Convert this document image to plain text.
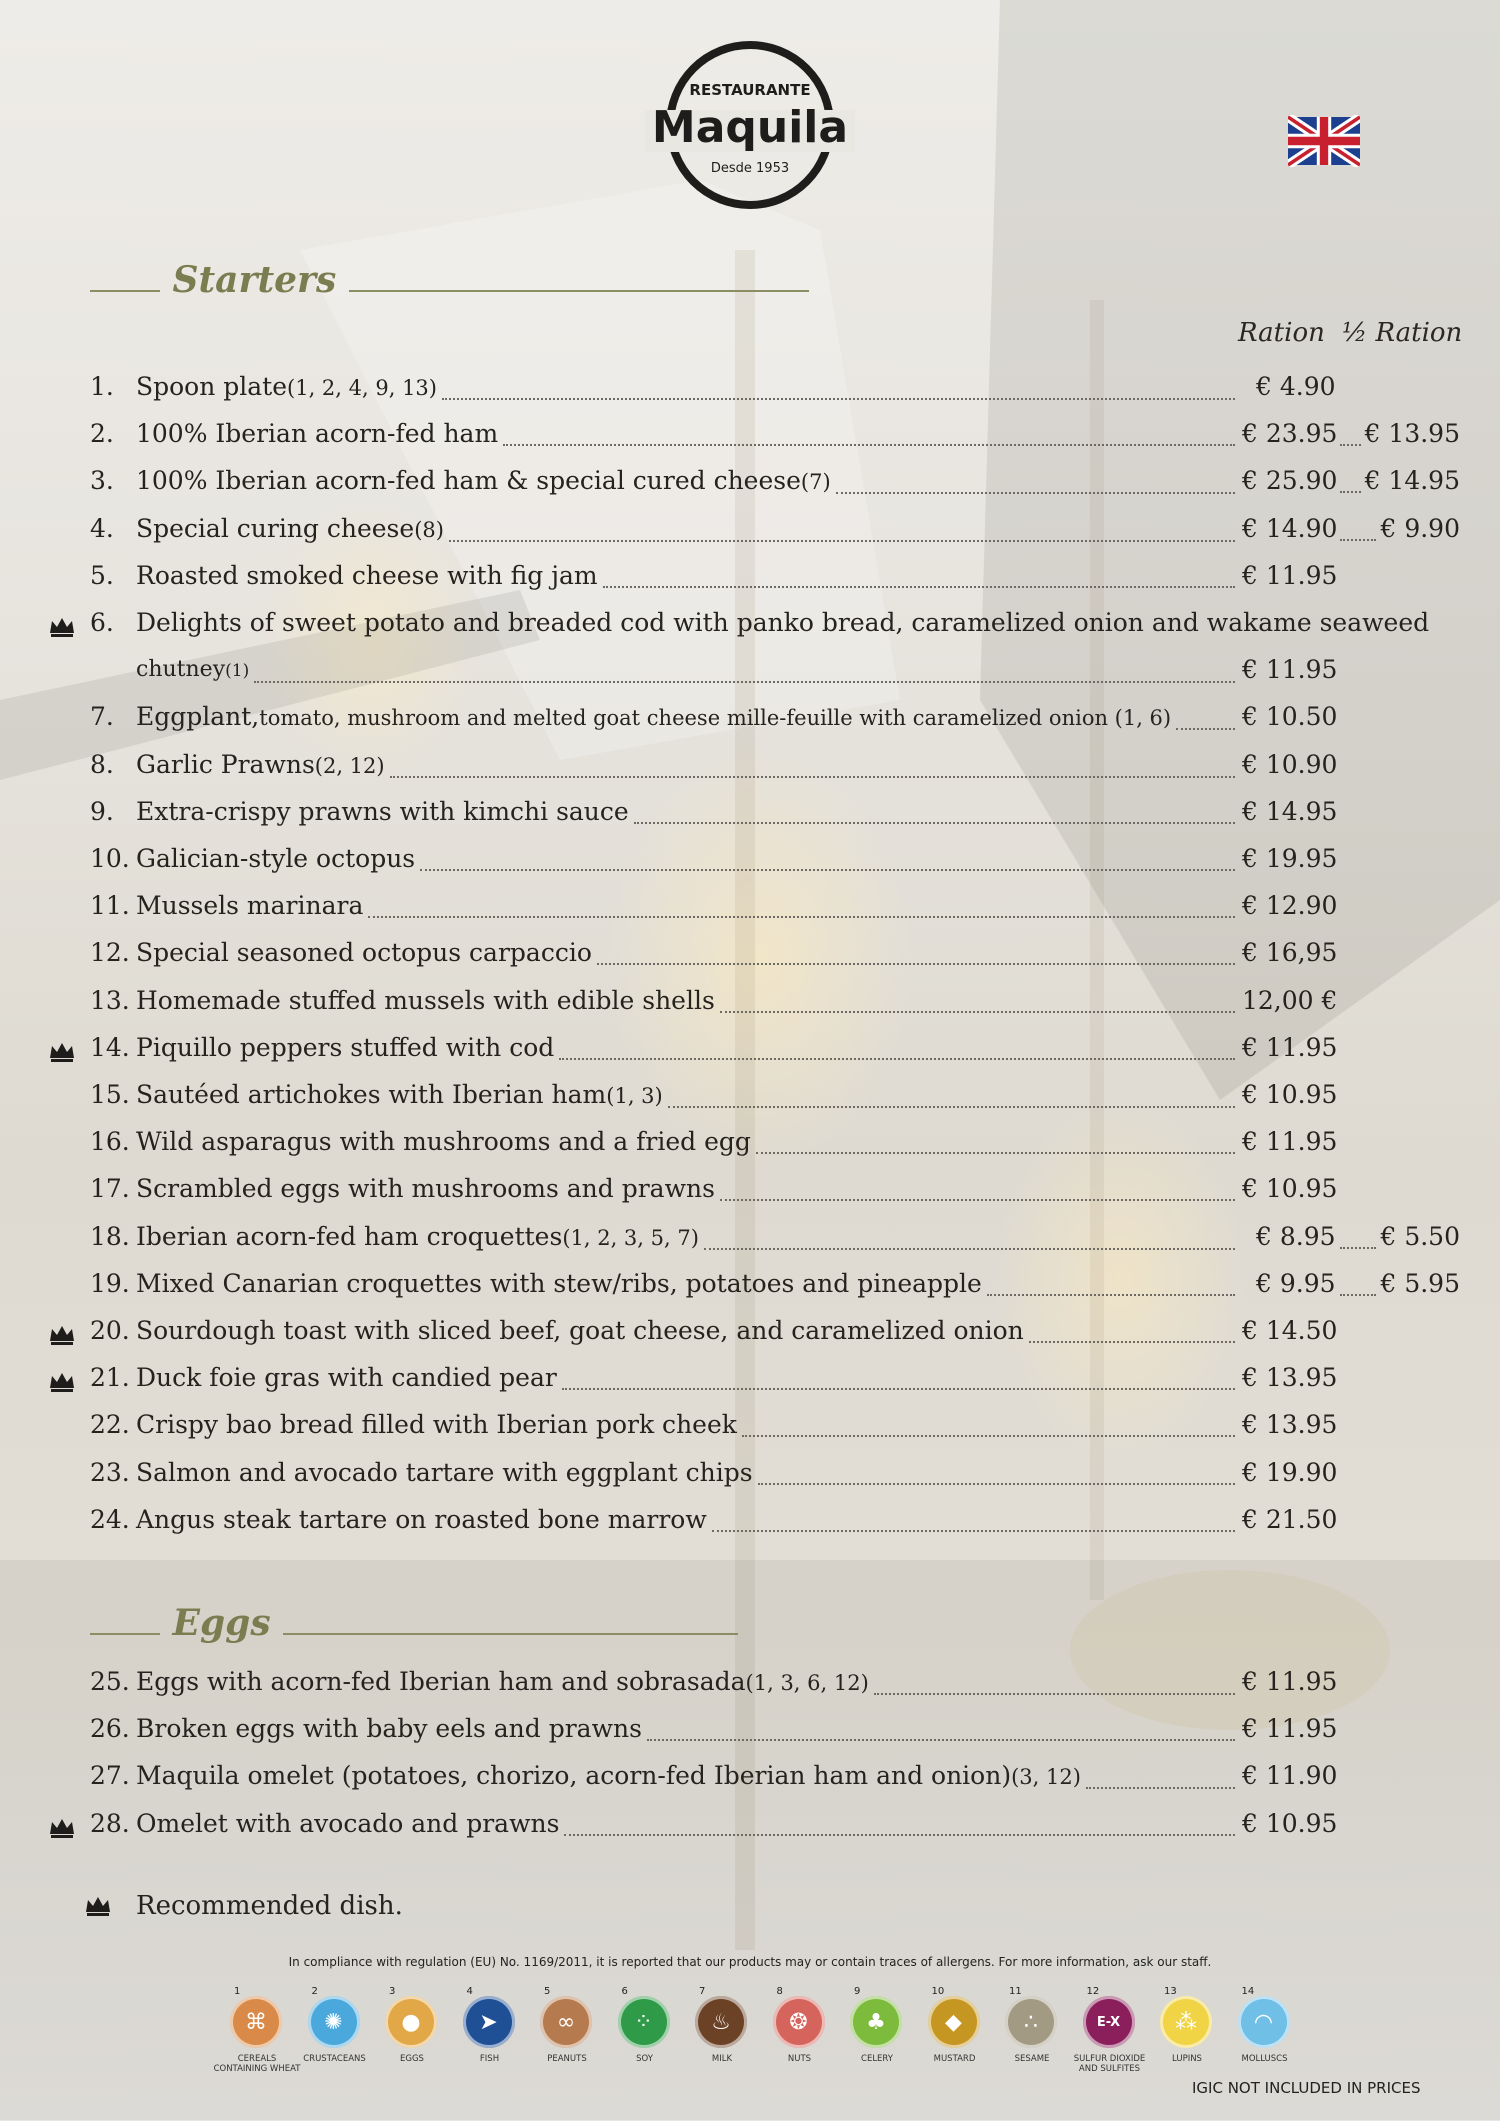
RESTAURANTE
Maquila
Desde 1953
Starters
Ration ½ Ration
1. Spoon plate (1, 2, 4, 9, 13)	€ 4.90
2. 100% Iberian acorn-fed ham	€ 23.95 € 13.95
3. 100% Iberian acorn-fed ham & special cured cheese (7)	€ 25.90 € 14.95
4. Special curing cheese (8)	€ 14.90 € 9.90
5. Roasted smoked cheese with fig jam	€ 11.95
6. Delights of sweet potato and breaded cod with panko bread, caramelized onion and wakame seaweed
chutney (1)	€ 11.95
7. Eggplant, tomato, mushroom and melted goat cheese mille-feuille with caramelized onion (1, 6)	€ 10.50
8. Garlic Prawns (2, 12)	€ 10.90
9. Extra-crispy prawns with kimchi sauce	€ 14.95
10. Galician-style octopus	€ 19.95
11. Mussels marinara	€ 12.90
12. Special seasoned octopus carpaccio	€ 16,95
13. Homemade stuffed mussels with edible shells	12,00 €
14. Piquillo peppers stuffed with cod	€ 11.95
15. Sautéed artichokes with Iberian ham (1, 3)	€ 10.95
16. Wild asparagus with mushrooms and a fried egg	€ 11.95
17. Scrambled eggs with mushrooms and prawns	€ 10.95
18. Iberian acorn-fed ham croquettes (1, 2, 3, 5, 7)	€ 8.95 € 5.50
19. Mixed Canarian croquettes with stew/ribs, potatoes and pineapple	€ 9.95 € 5.95
20. Sourdough toast with sliced beef, goat cheese, and caramelized onion	€ 14.50
21. Duck foie gras with candied pear	€ 13.95
22. Crispy bao bread filled with Iberian pork cheek	€ 13.95
23. Salmon and avocado tartare with eggplant chips	€ 19.90
24. Angus steak tartare on roasted bone marrow	€ 21.50
Eggs
25. Eggs with acorn-fed Iberian ham and sobrasada (1, 3, 6, 12)	€ 11.95
26. Broken eggs with baby eels and prawns	€ 11.95
27. Maquila omelet (potatoes, chorizo, acorn-fed Iberian ham and onion) (3, 12)	€ 11.90
28. Omelet with avocado and prawns	€ 10.95
Recommended dish.
In compliance with regulation (EU) No. 1169/2011, it is reported that our products may or contain traces of allergens. For more information, ask our staff.
1
⌘
CEREALS CONTAINING WHEAT
2
✺
CRUSTACEANS
3
●
EGGS
4
➤
FISH
5
∞
PEANUTS
6
⁘
SOY
7
♨
MILK
8
❂
NUTS
9
♣
CELERY
10
◆
MUSTARD
11
∴
SESAME
12
E-X
SULFUR DIOXIDE AND SULFITES
13
⁂
LUPINS
14
◠
MOLLUSCS
IGIC NOT INCLUDED IN PRICES
